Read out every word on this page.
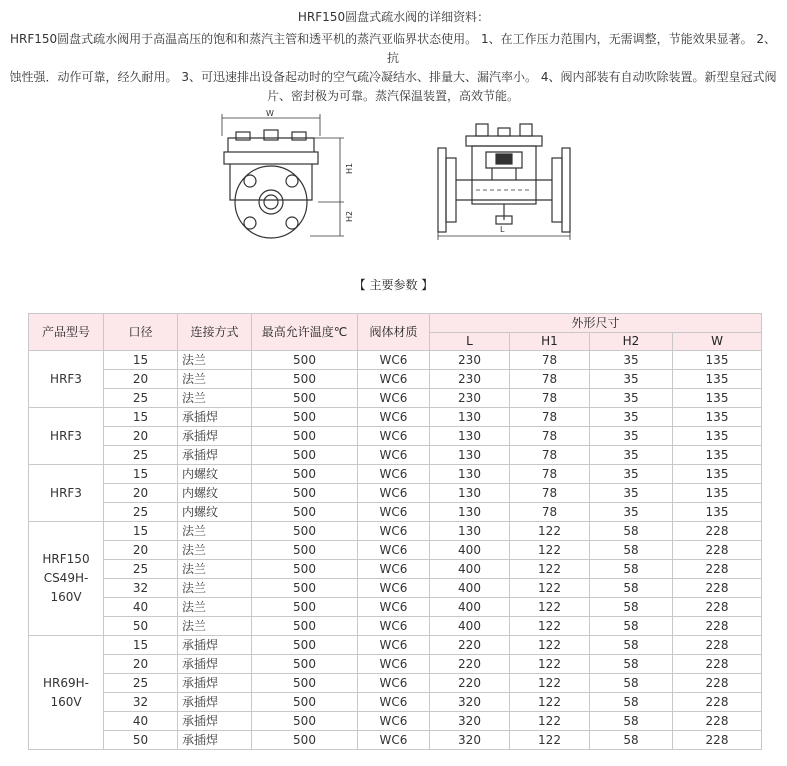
HRF150圆盘式疏水阀的详细资料：
HRF150圆盘式疏水阀用于高温高压的饱和和蒸汽主管和透平机的蒸汽亚临界状态使用。 1、在工作压力范围内，无需调整，节能效果显著。 2、抗
蚀性强．动作可靠，经久耐用。 3、可迅速排出设备起动时的空气疏冷凝结水、排量大、漏汽率小。 4、阀内部装有自动吹除装置。新型皇冠式阀
片、密封极为可靠。蒸汽保温装置，高效节能。
W
H1
H2
L
【 主要参数 】
产品型号	口径	连接方式	最高允许温度℃	阀体材质	外形尺寸			
					L	H1	H2	W
HRF3	15	法兰	500	WC6	230	78	35	135
	20	法兰	500	WC6	230	78	35	135
	25	法兰	500	WC6	230	78	35	135
HRF3	15	承插焊	500	WC6	130	78	35	135
	20	承插焊	500	WC6	130	78	35	135
	25	承插焊	500	WC6	130	78	35	135
HRF3	15	内螺纹	500	WC6	130	78	35	135
	20	内螺纹	500	WC6	130	78	35	135
	25	内螺纹	500	WC6	130	78	35	135
HRF150 CS49H-160V	15	法兰	500	WC6	130	122	58	228
	20	法兰	500	WC6	400	122	58	228
	25	法兰	500	WC6	400	122	58	228
	32	法兰	500	WC6	400	122	58	228
	40	法兰	500	WC6	400	122	58	228
	50	法兰	500	WC6	400	122	58	228
HR69H-160V	15	承插焊	500	WC6	220	122	58	228
	20	承插焊	500	WC6	220	122	58	228
	25	承插焊	500	WC6	220	122	58	228
	32	承插焊	500	WC6	320	122	58	228
	40	承插焊	500	WC6	320	122	58	228
	50	承插焊	500	WC6	320	122	58	228
